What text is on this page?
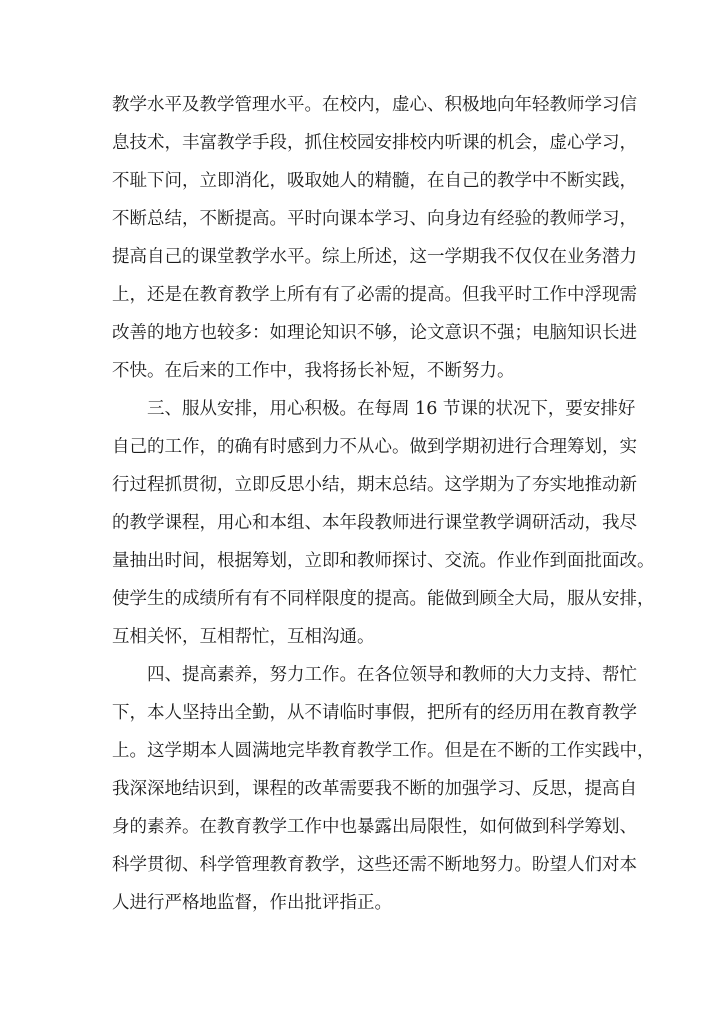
教学水平及教学管理水平。在校内，虚心、积极地向年轻教师学习信

息技术，丰富教学手段，抓住校园安排校内听课的机会，虚心学习，

不耻下问，立即消化，吸取她人的精髓，在自己的教学中不断实践，

不断总结，不断提高。平时向课本学习、向身边有经验的教师学习，

提高自己的课堂教学水平。综上所述，这一学期我不仅仅在业务潜力

上，还是在教育教学上所有有了必需的提高。但我平时工作中浮现需

改善的地方也较多：如理论知识不够，论文意识不强；电脑知识长进

不快。在后来的工作中，我将扬长补短，不断努力。

三、服从安排，用心积极。在每周 16 节课的状况下，要安排好

自己的工作，的确有时感到力不从心。做到学期初进行合理筹划，实

行过程抓贯彻，立即反思小结，期末总结。这学期为了夯实地推动新

的教学课程，用心和本组、本年段教师进行课堂教学调研活动，我尽

量抽出时间，根据筹划，立即和教师探讨、交流。作业作到面批面改。

使学生的成绩所有有不同样限度的提高。能做到顾全大局，服从安排，

互相关怀，互相帮忙，互相沟通。

四、提高素养，努力工作。在各位领导和教师的大力支持、帮忙

下，本人坚持出全勤，从不请临时事假，把所有的经历用在教育教学

上。这学期本人圆满地完毕教育教学工作。但是在不断的工作实践中，

我深深地结识到，课程的改革需要我不断的加强学习、反思，提高自

身的素养。在教育教学工作中也暴露出局限性，如何做到科学筹划、

科学贯彻、科学管理教育教学，这些还需不断地努力。盼望人们对本

人进行严格地监督，作出批评指正。
